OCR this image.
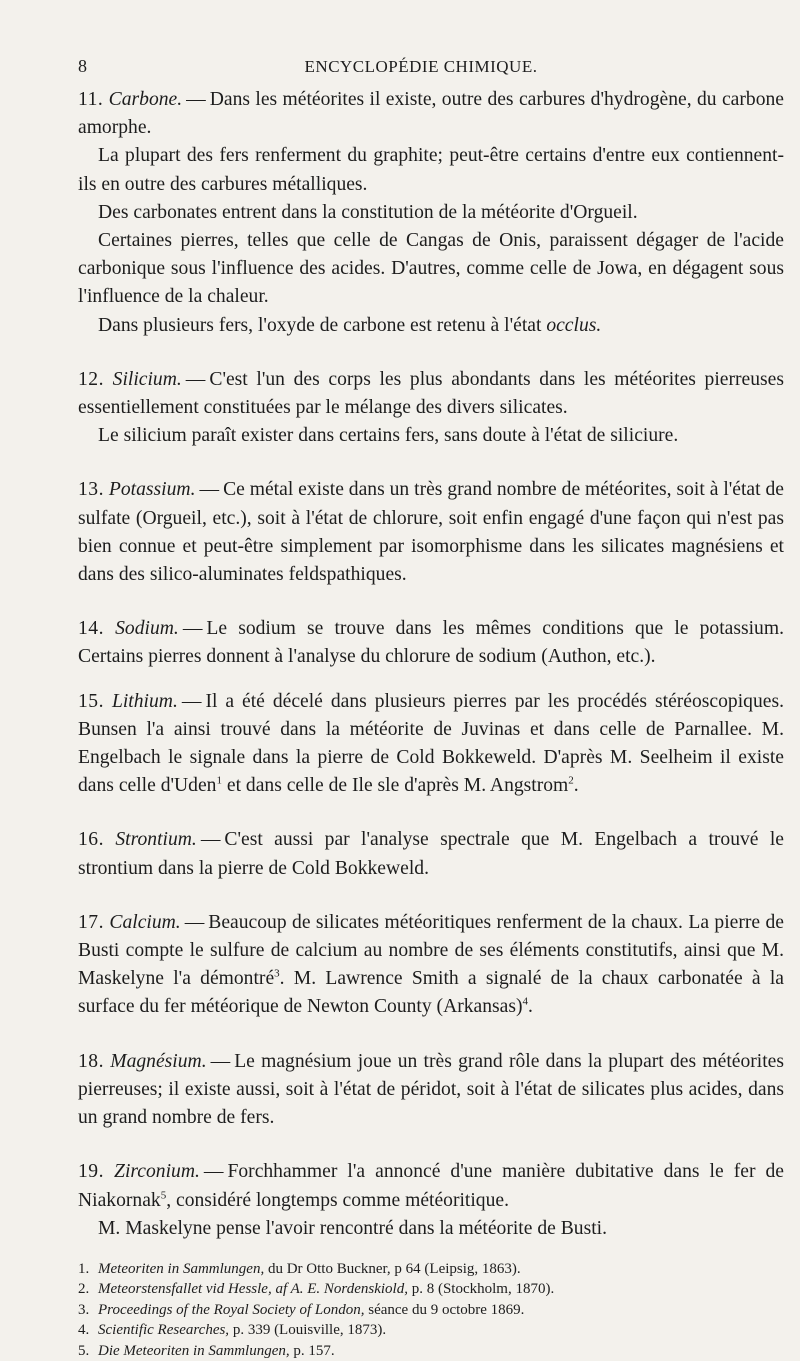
8	ENCYCLOPÉDIE CHIMIQUE.

11. Carbone. — Dans les météorites il existe, outre des carbures d'hydrogène, du carbone amorphe.

La plupart des fers renferment du graphite; peut-être certains d'entre eux contiennent-ils en outre des carbures métalliques.

Des carbonates entrent dans la constitution de la météorite d'Orgueil.

Certaines pierres, telles que celle de Cangas de Onis, paraissent dégager de l'acide carbonique sous l'influence des acides. D'autres, comme celle de Jowa, en dégagent sous l'influence de la chaleur.

Dans plusieurs fers, l'oxyde de carbone est retenu à l'état occlus.

12. Silicium. — C'est l'un des corps les plus abondants dans les météorites pierreuses essentiellement constituées par le mélange des divers silicates.

Le silicium paraît exister dans certains fers, sans doute à l'état de siliciure.

13. Potassium. — Ce métal existe dans un très grand nombre de météorites, soit à l'état de sulfate (Orgueil, etc.), soit à l'état de chlorure, soit enfin engagé d'une façon qui n'est pas bien connue et peut-être simplement par isomorphisme dans les silicates magnésiens et dans des silico-aluminates feldspathiques.

14. Sodium. — Le sodium se trouve dans les mêmes conditions que le potassium. Certains pierres donnent à l'analyse du chlorure de sodium (Authon, etc.).

15. Lithium. — Il a été décelé dans plusieurs pierres par les procédés stéréoscopiques. Bunsen l'a ainsi trouvé dans la météorite de Juvinas et dans celle de Parnallee. M. Engelbach le signale dans la pierre de Cold Bokkeweld. D'après M. Seelheim il existe dans celle d'Uden$^1$ et dans celle de Ile sle d'après M. Angstrom$^2$.

16. Strontium. — C'est aussi par l'analyse spectrale que M. Engelbach a trouvé le strontium dans la pierre de Cold Bokkeweld.

17. Calcium. — Beaucoup de silicates météoritiques renferment de la chaux. La pierre de Busti compte le sulfure de calcium au nombre de ses éléments constitutifs, ainsi que M. Maskelyne l'a démontré$^3$. M. Lawrence Smith a signalé de la chaux carbonatée à la surface du fer météorique de Newton County (Arkansas)$^4$.

18. Magnésium. — Le magnésium joue un très grand rôle dans la plupart des météorites pierreuses; il existe aussi, soit à l'état de péridot, soit à l'état de silicates plus acides, dans un grand nombre de fers.

19. Zirconium. — Forchhammer l'a annoncé d'une manière dubitative dans le fer de Niakornak$^5$, considéré longtemps comme météoritique.

M. Maskelyne pense l'avoir rencontré dans la météorite de Busti.

1. Meteoriten in Sammlungen, du Dr Otto Buckner, p 64 (Leipsig, 1863).
2. Meteorstensfallet vid Hessle, af A. E. Nordenskiold, p. 8 (Stockholm, 1870).
3. Proceedings of the Royal Society of London, séance du 9 octobre 1869.
4. Scientific Researches, p. 339 (Louisville, 1873).
5. Die Meteoriten in Sammlungen, p. 157.
